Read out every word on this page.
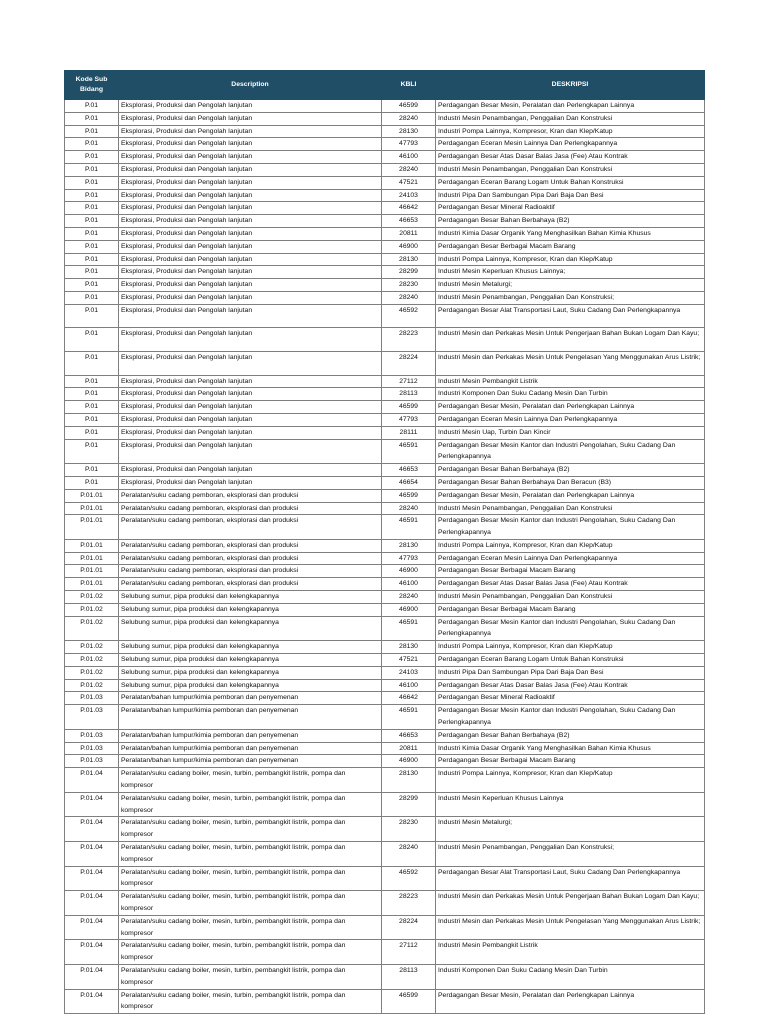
Kode Sub Bidang	Description	KBLI	DESKRIPSI
P.01	Eksplorasi, Produksi dan Pengolah lanjutan	46599	Perdagangan Besar Mesin, Peralatan dan Perlengkapan Lainnya
P.01	Eksplorasi, Produksi dan Pengolah lanjutan	28240	Industri Mesin Penambangan, Penggalian Dan Konstruksi
P.01	Eksplorasi, Produksi dan Pengolah lanjutan	28130	Industri Pompa Lainnya, Kompresor, Kran dan Klep/Katup
P.01	Eksplorasi, Produksi dan Pengolah lanjutan	47793	Perdagangan Eceran Mesin Lainnya Dan Perlengkapannya
P.01	Eksplorasi, Produksi dan Pengolah lanjutan	46100	Perdagangan Besar Atas Dasar Balas Jasa (Fee) Atau Kontrak
P.01	Eksplorasi, Produksi dan Pengolah lanjutan	28240	Industri Mesin Penambangan, Penggalian Dan Konstruksi
P.01	Eksplorasi, Produksi dan Pengolah lanjutan	47521	Perdagangan Eceran Barang Logam Untuk Bahan Konstruksi
P.01	Eksplorasi, Produksi dan Pengolah lanjutan	24103	Industri Pipa Dan Sambungan Pipa Dari Baja Dan Besi
P.01	Eksplorasi, Produksi dan Pengolah lanjutan	46642	Perdagangan Besar Mineral Radioaktif
P.01	Eksplorasi, Produksi dan Pengolah lanjutan	46653	Perdagangan Besar Bahan Berbahaya (B2)
P.01	Eksplorasi, Produksi dan Pengolah lanjutan	20811	Industri Kimia Dasar Organik Yang Menghasilkan Bahan Kimia Khusus
P.01	Eksplorasi, Produksi dan Pengolah lanjutan	46900	Perdagangan Besar Berbagai Macam Barang
P.01	Eksplorasi, Produksi dan Pengolah lanjutan	28130	Industri Pompa Lainnya, Kompresor, Kran dan Klep/Katup
P.01	Eksplorasi, Produksi dan Pengolah lanjutan	28299	Industri Mesin Keperluan Khusus Lainnya;
P.01	Eksplorasi, Produksi dan Pengolah lanjutan	28230	Industri Mesin Metalurgi;
P.01	Eksplorasi, Produksi dan Pengolah lanjutan	28240	Industri Mesin Penambangan, Penggalian Dan Konstruksi;
P.01	Eksplorasi, Produksi dan Pengolah lanjutan	46592	Perdagangan Besar Alat Transportasi Laut, Suku Cadang Dan Perlengkapannya
P.01	Eksplorasi, Produksi dan Pengolah lanjutan	28223	Industri Mesin dan Perkakas Mesin Untuk Pengerjaan Bahan Bukan Logam Dan Kayu;
P.01	Eksplorasi, Produksi dan Pengolah lanjutan	28224	Industri Mesin dan Perkakas Mesin Untuk Pengelasan Yang Menggunakan Arus Listrik;
P.01	Eksplorasi, Produksi dan Pengolah lanjutan	27112	Industri Mesin Pembangkit Listrik
P.01	Eksplorasi, Produksi dan Pengolah lanjutan	28113	Industri Komponen Dan Suku Cadang Mesin Dan Turbin
P.01	Eksplorasi, Produksi dan Pengolah lanjutan	46599	Perdagangan Besar Mesin, Peralatan dan Perlengkapan Lainnya
P.01	Eksplorasi, Produksi dan Pengolah lanjutan	47793	Perdagangan Eceran Mesin Lainnya Dan Perlengkapannya
P.01	Eksplorasi, Produksi dan Pengolah lanjutan	28111	Industri Mesin Uap, Turbin Dan Kincir
P.01	Eksplorasi, Produksi dan Pengolah lanjutan	46591	Perdagangan Besar Mesin Kantor dan Industri Pengolahan, Suku Cadang Dan Perlengkapannya
P.01	Eksplorasi, Produksi dan Pengolah lanjutan	46653	Perdagangan Besar Bahan Berbahaya (B2)
P.01	Eksplorasi, Produksi dan Pengolah lanjutan	46654	Perdagangan Besar Bahan Berbahaya Dan Beracun (B3)
P.01.01	Peralatan/suku cadang pemboran, eksplorasi dan produksi	46599	Perdagangan Besar Mesin, Peralatan dan Perlengkapan Lainnya
P.01.01	Peralatan/suku cadang pemboran, eksplorasi dan produksi	28240	Industri Mesin Penambangan, Penggalian Dan Konstruksi
P.01.01	Peralatan/suku cadang pemboran, eksplorasi dan produksi	46591	Perdagangan Besar Mesin Kantor dan Industri Pengolahan, Suku Cadang Dan Perlengkapannya
P.01.01	Peralatan/suku cadang pemboran, eksplorasi dan produksi	28130	Industri Pompa Lainnya, Kompresor, Kran dan Klep/Katup
P.01.01	Peralatan/suku cadang pemboran, eksplorasi dan produksi	47793	Perdagangan Eceran Mesin Lainnya Dan Perlengkapannya
P.01.01	Peralatan/suku cadang pemboran, eksplorasi dan produksi	46900	Perdagangan Besar Berbagai Macam Barang
P.01.01	Peralatan/suku cadang pemboran, eksplorasi dan produksi	46100	Perdagangan Besar Atas Dasar Balas Jasa (Fee) Atau Kontrak
P.01.02	Selubung sumur, pipa produksi dan kelengkapannya	28240	Industri Mesin Penambangan, Penggalian Dan Konstruksi
P.01.02	Selubung sumur, pipa produksi dan kelengkapannya	46900	Perdagangan Besar Berbagai Macam Barang
P.01.02	Selubung sumur, pipa produksi dan kelengkapannya	46591	Perdagangan Besar Mesin Kantor dan Industri Pengolahan, Suku Cadang Dan Perlengkapannya
P.01.02	Selubung sumur, pipa produksi dan kelengkapannya	28130	Industri Pompa Lainnya, Kompresor, Kran dan Klep/Katup
P.01.02	Selubung sumur, pipa produksi dan kelengkapannya	47521	Perdagangan Eceran Barang Logam Untuk Bahan Konstruksi
P.01.02	Selubung sumur, pipa produksi dan kelengkapannya	24103	Industri Pipa Dan Sambungan Pipa Dari Baja Dan Besi
P.01.02	Selubung sumur, pipa produksi dan kelengkapannya	46100	Perdagangan Besar Atas Dasar Balas Jasa (Fee) Atau Kontrak
P.01.03	Peralatan/bahan lumpur/kimia pemboran dan penyemenan	46642	Perdagangan Besar Mineral Radioaktif
P.01.03	Peralatan/bahan lumpur/kimia pemboran dan penyemenan	46591	Perdagangan Besar Mesin Kantor dan Industri Pengolahan, Suku Cadang Dan Perlengkapannya
P.01.03	Peralatan/bahan lumpur/kimia pemboran dan penyemenan	46653	Perdagangan Besar Bahan Berbahaya (B2)
P.01.03	Peralatan/bahan lumpur/kimia pemboran dan penyemenan	20811	Industri Kimia Dasar Organik Yang Menghasilkan Bahan Kimia Khusus
P.01.03	Peralatan/bahan lumpur/kimia pemboran dan penyemenan	46900	Perdagangan Besar Berbagai Macam Barang
P.01.04	Peralatan/suku cadang boiler, mesin, turbin, pembangkit listrik, pompa dan kompresor	28130	Industri Pompa Lainnya, Kompresor, Kran dan Klep/Katup
P.01.04	Peralatan/suku cadang boiler, mesin, turbin, pembangkit listrik, pompa dan kompresor	28299	Industri Mesin Keperluan Khusus Lainnya
P.01.04	Peralatan/suku cadang boiler, mesin, turbin, pembangkit listrik, pompa dan kompresor	28230	Industri Mesin Metalurgi;
P.01.04	Peralatan/suku cadang boiler, mesin, turbin, pembangkit listrik, pompa dan kompresor	28240	Industri Mesin Penambangan, Penggalian Dan Konstruksi;
P.01.04	Peralatan/suku cadang boiler, mesin, turbin, pembangkit listrik, pompa dan kompresor	46592	Perdagangan Besar Alat Transportasi Laut, Suku Cadang Dan Perlengkapannya
P.01.04	Peralatan/suku cadang boiler, mesin, turbin, pembangkit listrik, pompa dan kompresor	28223	Industri Mesin dan Perkakas Mesin Untuk Pengerjaan Bahan Bukan Logam Dan Kayu;
P.01.04	Peralatan/suku cadang boiler, mesin, turbin, pembangkit listrik, pompa dan kompresor	28224	Industri Mesin dan Perkakas Mesin Untuk Pengelasan Yang Menggunakan Arus Listrik;
P.01.04	Peralatan/suku cadang boiler, mesin, turbin, pembangkit listrik, pompa dan kompresor	27112	Industri Mesin Pembangkit Listrik
P.01.04	Peralatan/suku cadang boiler, mesin, turbin, pembangkit listrik, pompa dan kompresor	28113	Industri Komponen Dan Suku Cadang Mesin Dan Turbin
P.01.04	Peralatan/suku cadang boiler, mesin, turbin, pembangkit listrik, pompa dan kompresor	46599	Perdagangan Besar Mesin, Peralatan dan Perlengkapan Lainnya
